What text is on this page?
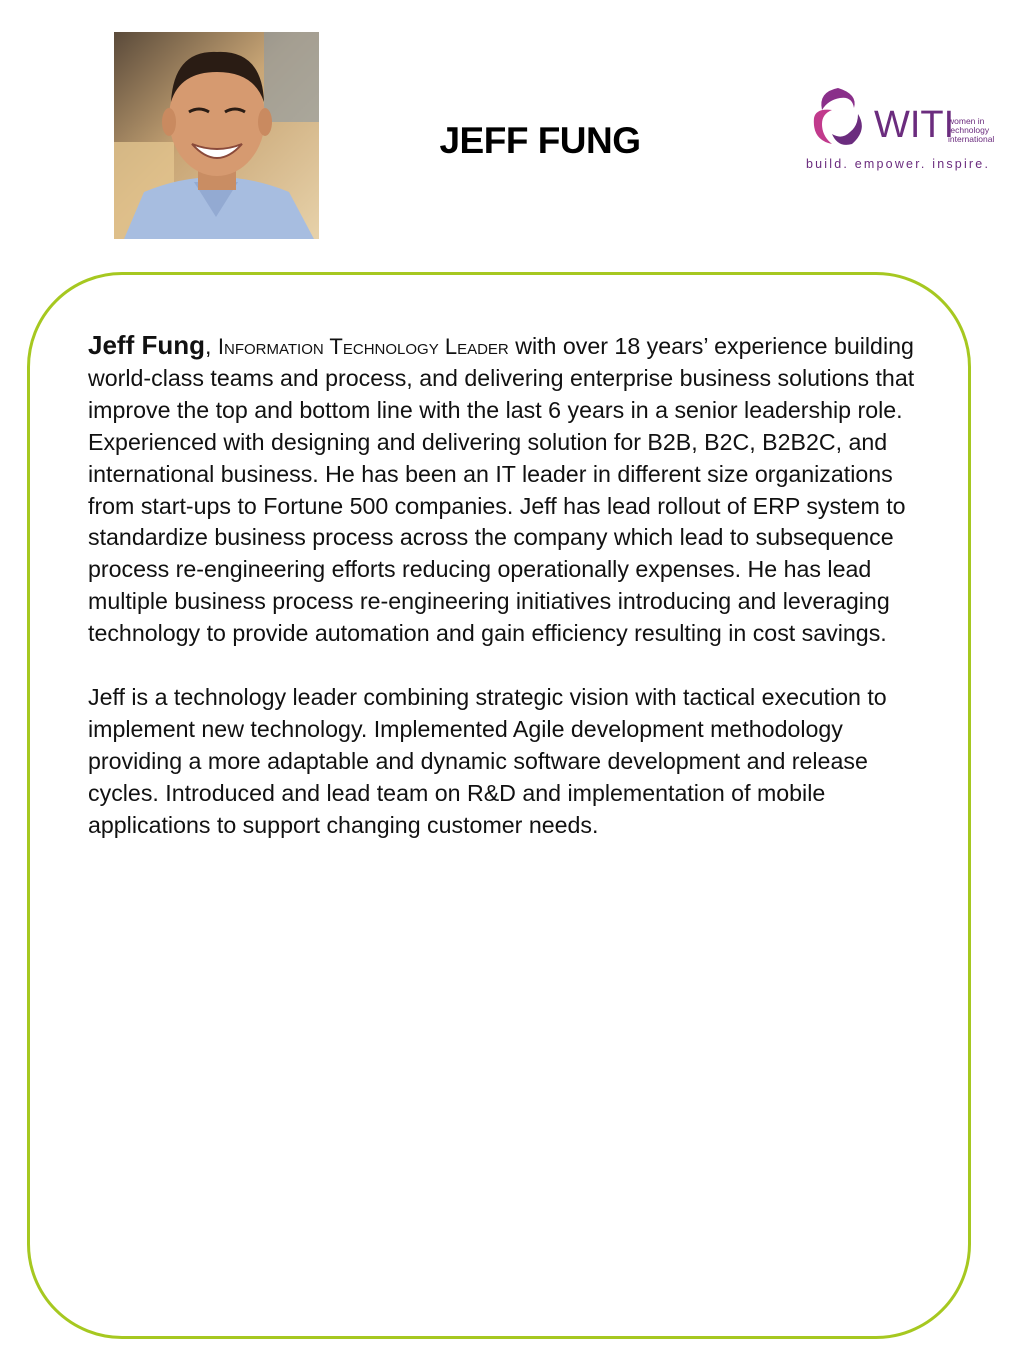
JEFF FUNG	WITI
women in
technology
international
build. empower. inspire.

Jeff Fung, Information Technology Leader with over 18 years’ experience building world-class teams and process, and delivering enterprise business solutions that improve the top and bottom line with the last 6 years in a senior leadership role. Experienced with designing and delivering solution for B2B, B2C, B2B2C, and international business. He has been an IT leader in different size organizations from start-ups to Fortune 500 companies. Jeff has lead rollout of ERP system to standardize business process across the company which lead to subsequence process re-engineering efforts reducing operationally expenses. He has lead multiple business process re-engineering initiatives introducing and leveraging technology to provide automation and gain efficiency resulting in cost savings.

Jeff is a technology leader combining strategic vision with tactical execution to implement new technology. Implemented Agile development methodology providing a more adaptable and dynamic software development and release cycles. Introduced and lead team on R&D and implementation of mobile applications to support changing customer needs.
